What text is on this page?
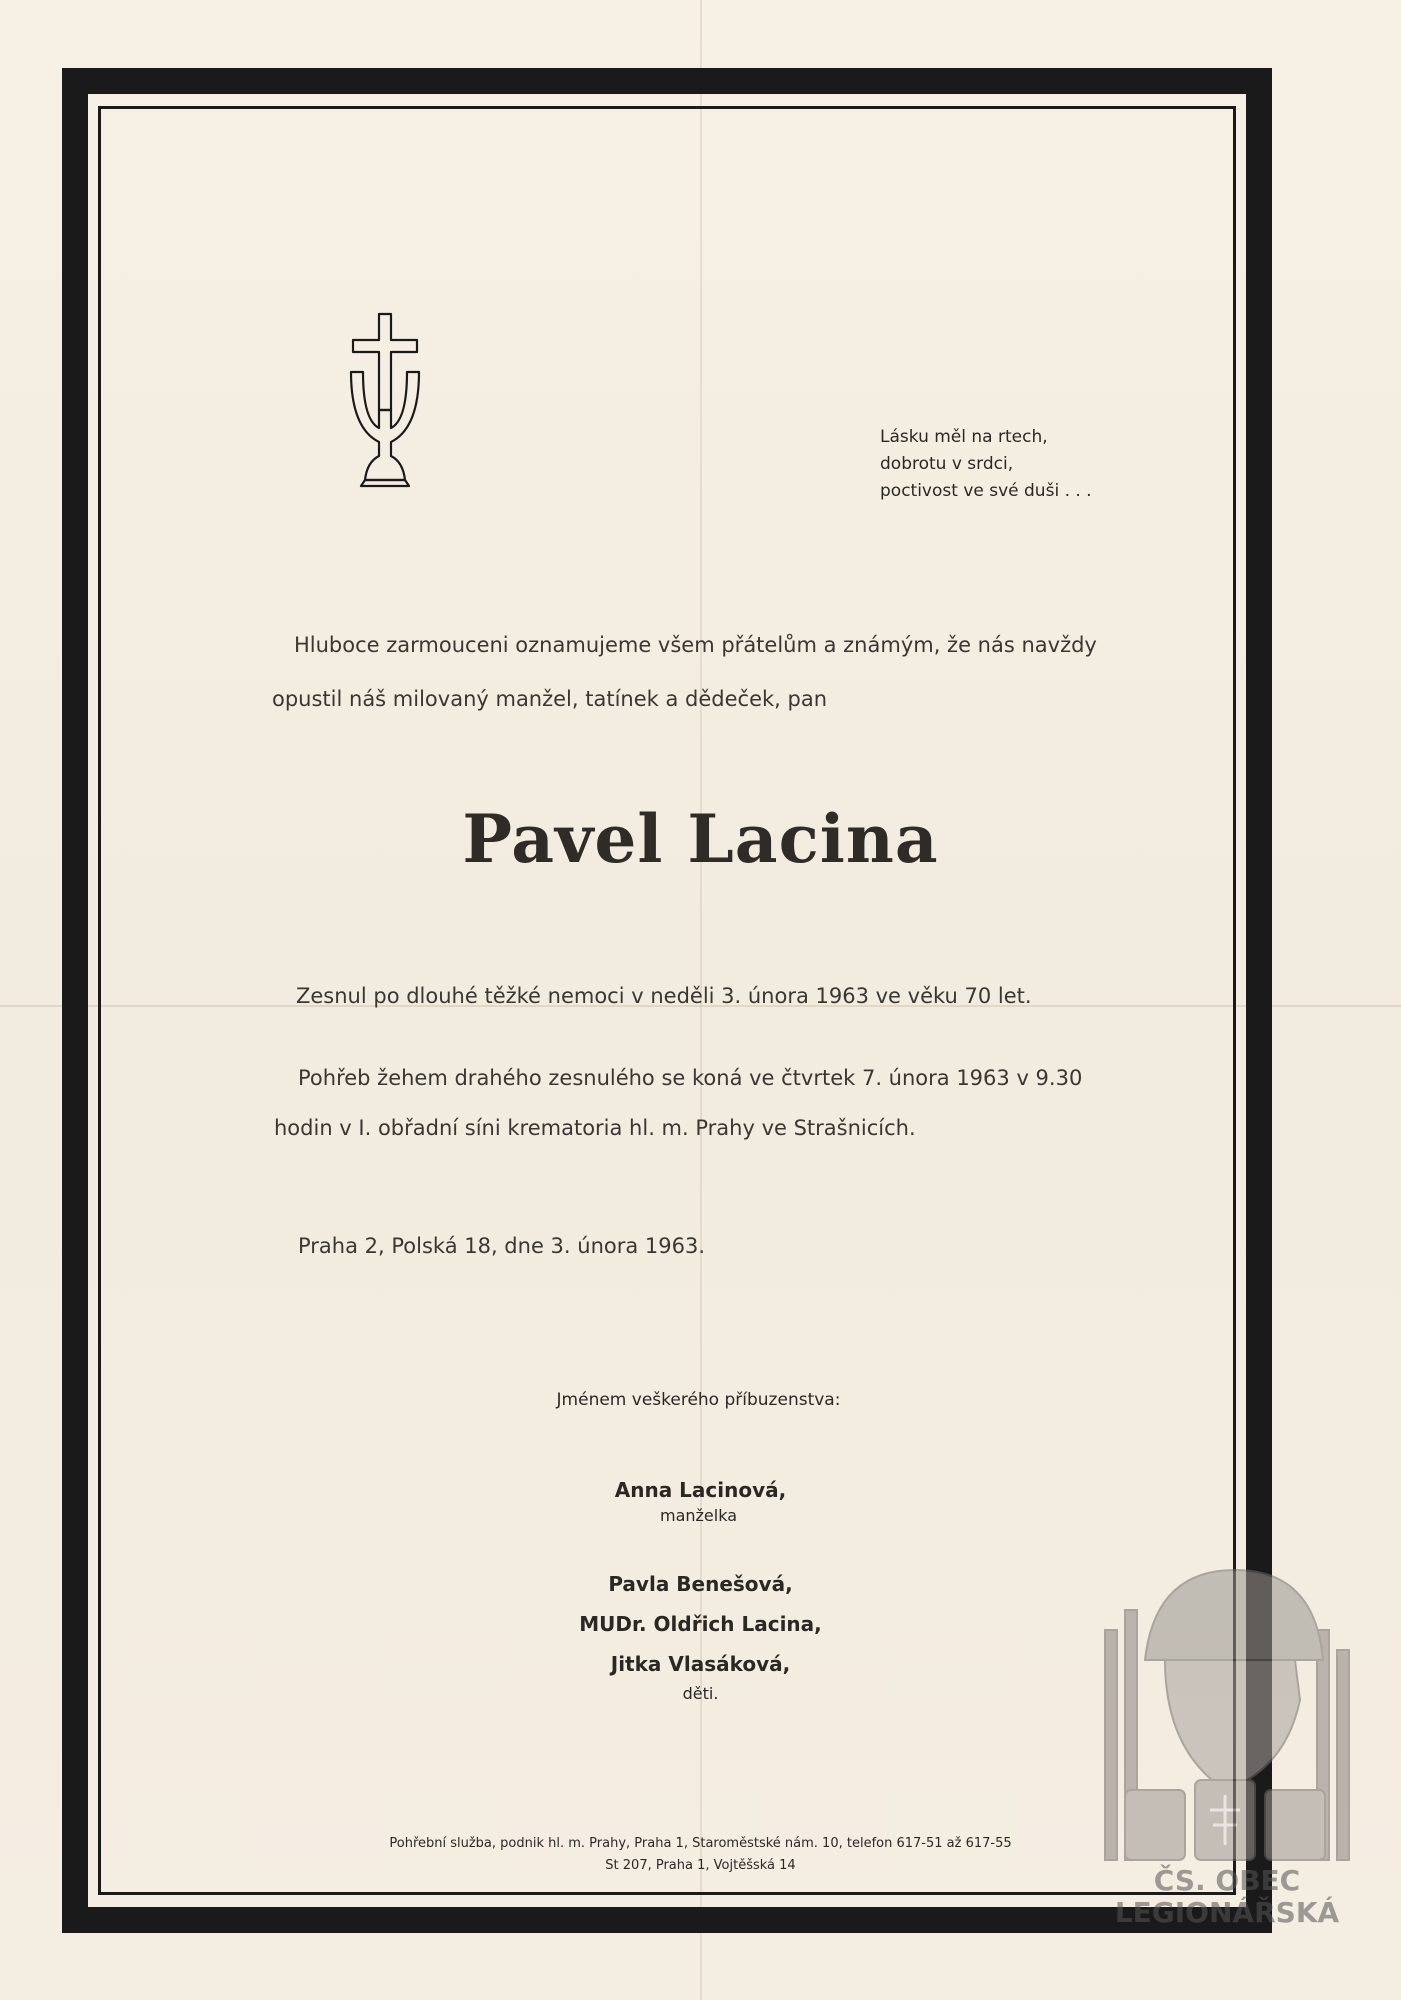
Lásku měl na rtech,
dobrotu v srdci,
poctivost ve své duši . . .
Hluboce zarmouceni oznamujeme všem přátelům a známým, že nás navždy
opustil náš milovaný manžel, tatínek a dědeček, pan
Pavel Lacina
Zesnul po dlouhé těžké nemoci v neděli 3. února 1963 ve věku 70 let.
Pohřeb žehem drahého zesnulého se koná ve čtvrtek 7. února 1963 v 9.30
hodin v I. obřadní síni krematoria hl. m. Prahy ve Strašnicích.
Praha 2, Polská 18, dne 3. února 1963.
Jménem veškerého příbuzenstva:
Anna Lacinová,
manželka
Pavla Benešová,
MUDr. Oldřich Lacina,
Jitka Vlasáková,
děti.
Pohřební služba, podnik hl. m. Prahy, Praha 1, Staroměstské nám. 10, telefon 617-51 až 617-55
St 207, Praha 1, Vojtěšská 14	ČS. OBEC
LEGIONÁŘSKÁ
